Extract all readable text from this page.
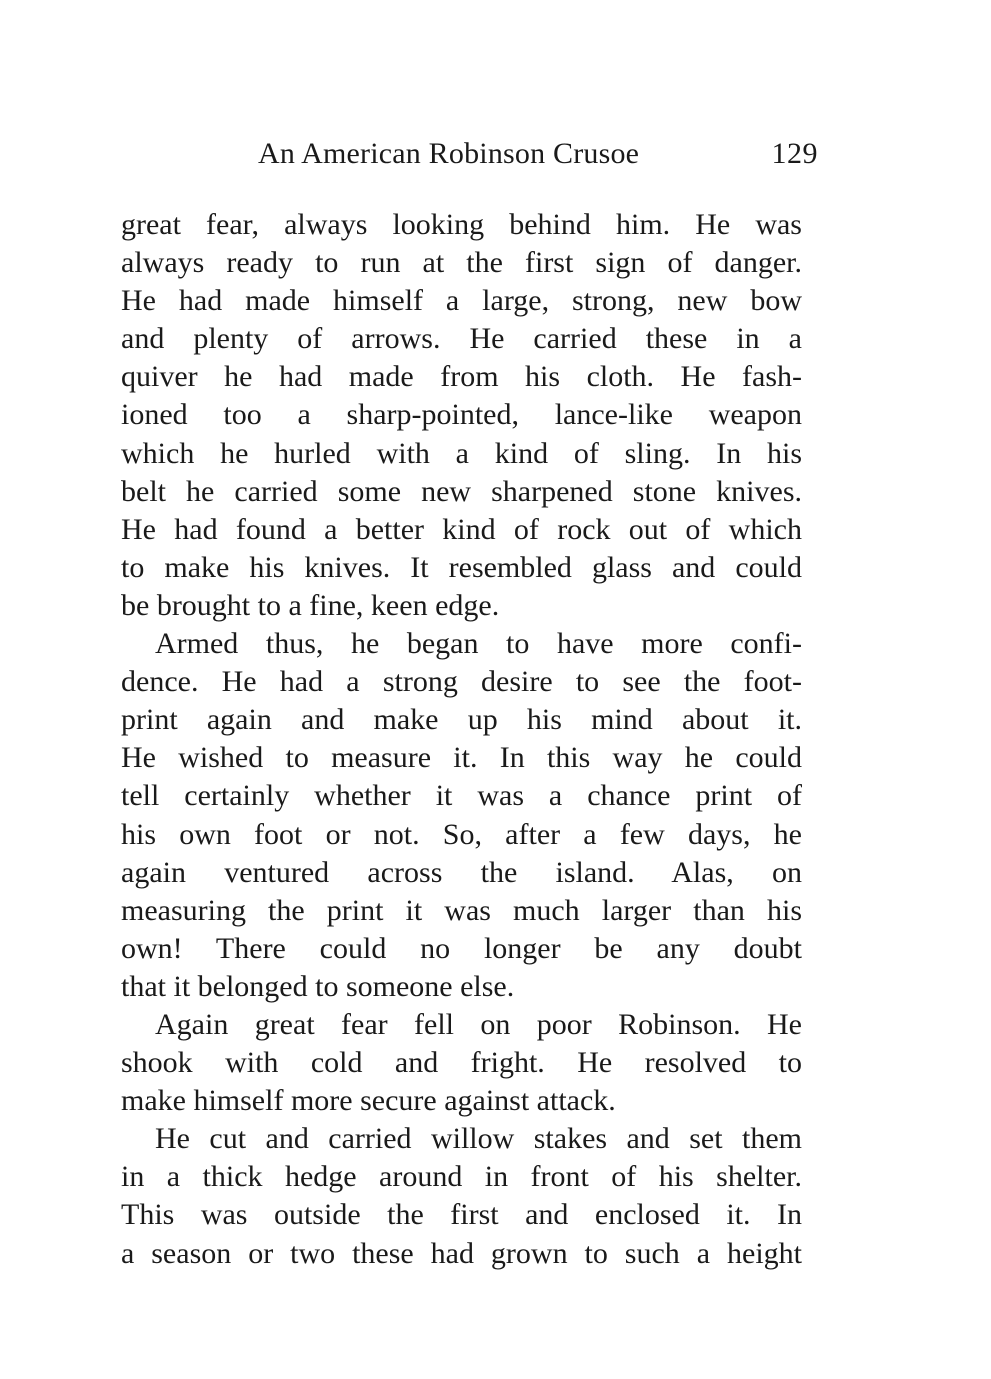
An American Robinson Crusoe	129
great fear, always looking behind him. He was
always ready to run at the first sign of danger.
He had made himself a large, strong, new bow
and plenty of arrows. He carried these in a
quiver he had made from his cloth. He fash-
ioned too a sharp-pointed, lance-like weapon
which he hurled with a kind of sling. In his
belt he carried some new sharpened stone knives.
He had found a better kind of rock out of which
to make his knives. It resembled glass and could
be brought to a fine, keen edge.
Armed thus, he began to have more confi-
dence. He had a strong desire to see the foot-
print again and make up his mind about it.
He wished to measure it. In this way he could
tell certainly whether it was a chance print of
his own foot or not. So, after a few days, he
again ventured across the island. Alas, on
measuring the print it was much larger than his
own! There could no longer be any doubt
that it belonged to someone else.
Again great fear fell on poor Robinson. He
shook with cold and fright. He resolved to
make himself more secure against attack.
He cut and carried willow stakes and set them
in a thick hedge around in front of his shelter.
This was outside the first and enclosed it. In
a season or two these had grown to such a height
